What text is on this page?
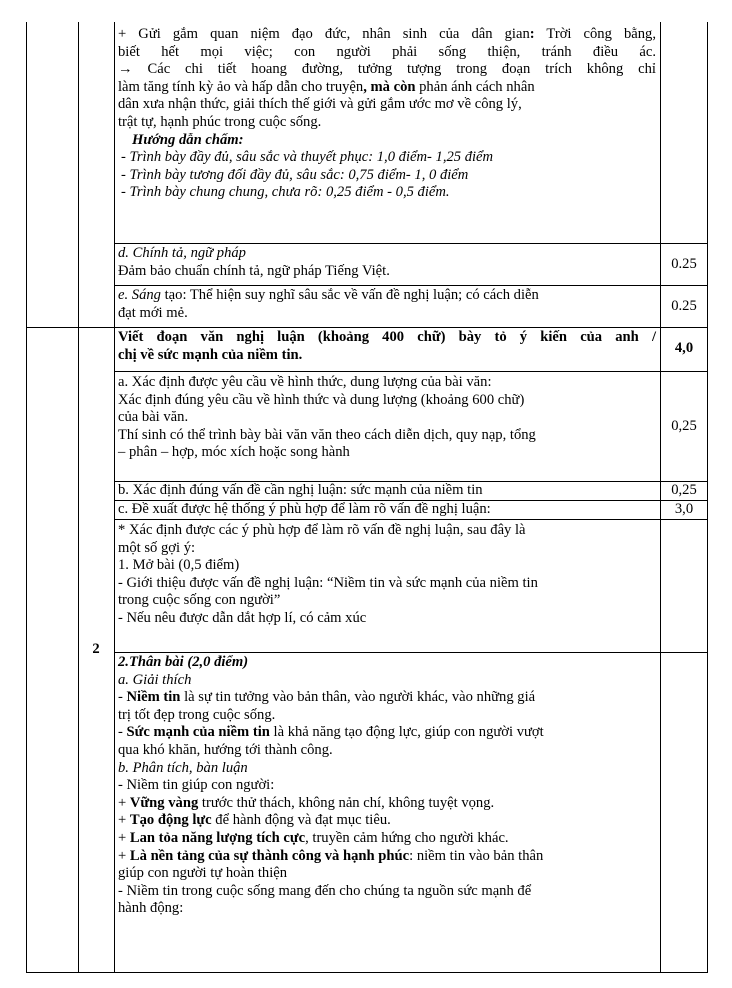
+ Gửi gắm quan niệm đạo đức, nhân sinh của dân gian: Trời công bằng,
biết hết mọi việc; con người phải sống thiện, tránh điều ác.
→ Các chi tiết hoang đường, tưởng tượng trong đoạn trích không chỉ
làm tăng tính kỳ ảo và hấp dẫn cho truyện, mà còn phản ánh cách nhân
dân xưa nhận thức, giải thích thế giới và gửi gắm ước mơ về công lý,
trật tự, hạnh phúc trong cuộc sống.
Hướng dẫn chấm:
- Trình bày đầy đủ, sâu sắc và thuyết phục: 1,0 điểm- 1,25 điểm
- Trình bày tương đối đầy đủ, sâu sắc: 0,75 điểm- 1, 0 điểm
- Trình bày chung chung, chưa rõ: 0,25 điểm - 0,5 điểm.
d. Chính tả, ngữ pháp
Đảm bảo chuẩn chính tả, ngữ pháp Tiếng Việt.	0.25
e. Sáng tạo: Thể hiện suy nghĩ sâu sắc về vấn đề nghị luận; có cách diễn
đạt mới mẻ.	0.25
2
Viết đoạn văn nghị luận (khoảng 400 chữ) bày tỏ ý kiến của anh /
chị về sức mạnh của niềm tin.	4,0
a. Xác định được yêu cầu về hình thức, dung lượng của bài văn:
Xác định đúng yêu cầu về hình thức và dung lượng (khoảng 600 chữ)
của bài văn.
Thí sinh có thể trình bày bài văn văn theo cách diễn dịch, quy nạp, tổng
– phân – hợp, móc xích hoặc song hành
0,25
b. Xác định đúng vấn đề cần nghị luận: sức mạnh của niềm tin	0,25
c. Đề xuất được hệ thống ý phù hợp để làm rõ vấn đề nghị luận:	3,0
* Xác định được các ý phù hợp để làm rõ vấn đề nghị luận, sau đây là
một số gợi ý:
1. Mở bài (0,5 điểm)
- Giới thiệu được vấn đề nghị luận: “Niềm tin và sức mạnh của niềm tin
trong cuộc sống con người”
- Nếu nêu được dẫn dắt hợp lí, có cảm xúc
2.Thân bài (2,0 điểm)
a. Giải thích
- Niềm tin là sự tin tưởng vào bản thân, vào người khác, vào những giá
trị tốt đẹp trong cuộc sống.
- Sức mạnh của niềm tin là khả năng tạo động lực, giúp con người vượt
qua khó khăn, hướng tới thành công.
b. Phân tích, bàn luận
- Niềm tin giúp con người:
+ Vững vàng trước thử thách, không nản chí, không tuyệt vọng.
+ Tạo động lực để hành động và đạt mục tiêu.
+ Lan tỏa năng lượng tích cực, truyền cảm hứng cho người khác.
+ Là nền tảng của sự thành công và hạnh phúc: niềm tin vào bản thân
giúp con người tự hoàn thiện
- Niềm tin trong cuộc sống mang đến cho chúng ta nguồn sức mạnh để
hành động:
